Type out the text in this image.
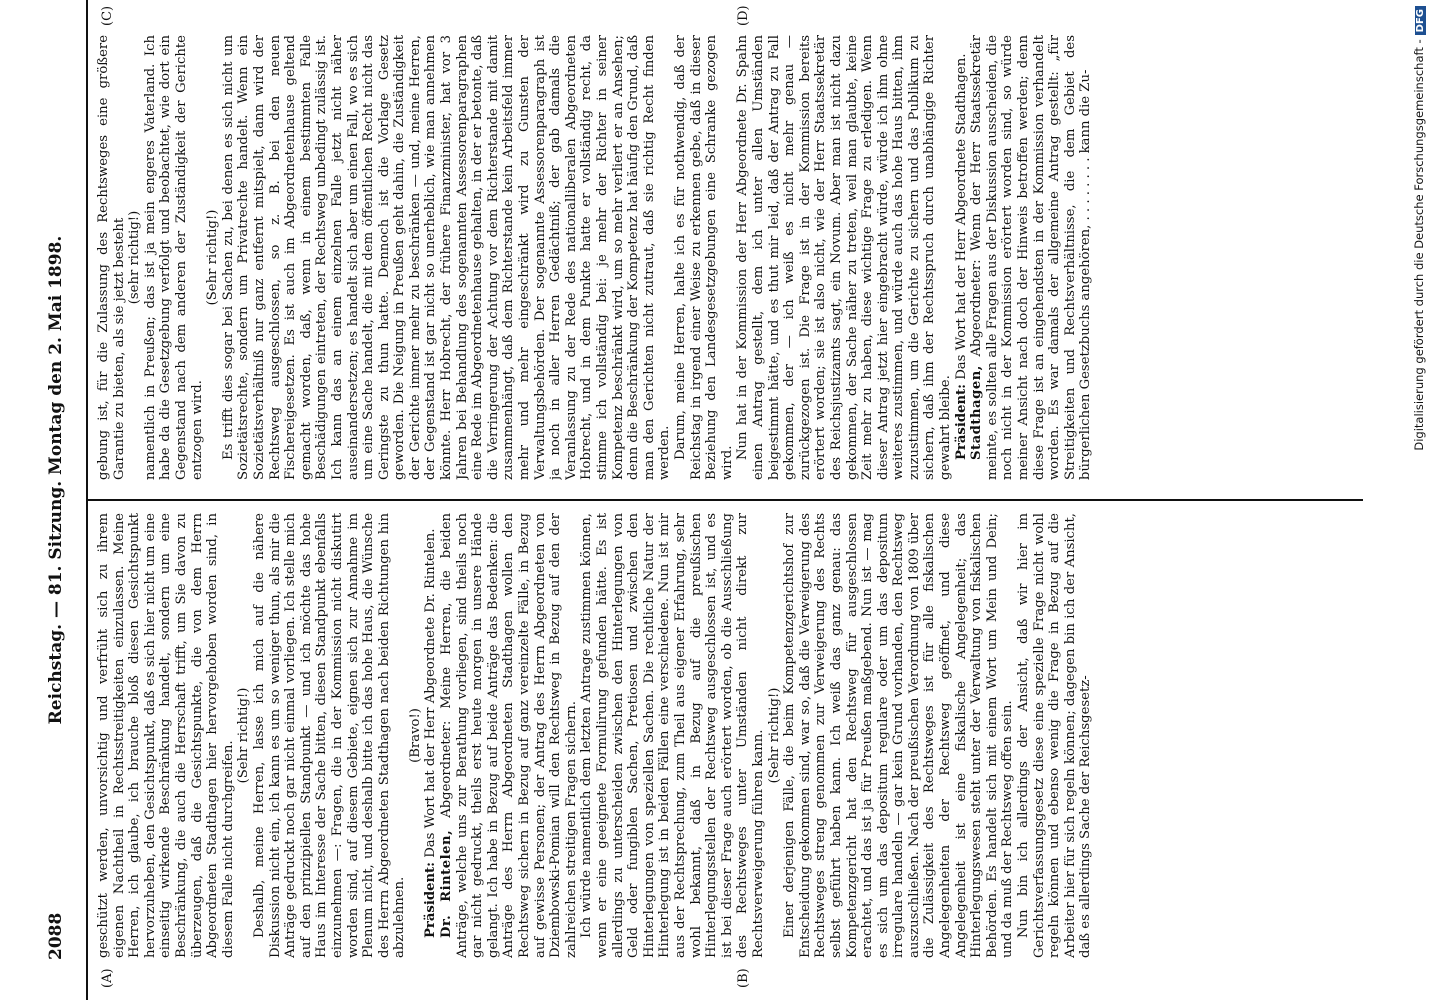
2088
Reichstag. — 81. Sitzung. Montag den 2. Mai 1898.
(A)	(B)
(C)	(D)

geschützt werden, unvorsichtig und verfrüht sich zu ihrem eigenen Nachtheil in Rechtsstreitigkeiten einzulassen. Meine Herren, ich glaube, ich brauche bloß diesen Gesichtspunkt hervorzuheben, den Gesichtspunkt, daß es sich hier nicht um eine einseitig wirkende Beschränkung handelt, sondern um eine Beschränkung, die auch die Herrschaft trifft, um Sie davon zu überzeugen, daß die Gesichtspunkte, die von dem Herrn Abgeordneten Stadthagen hier hervorgehoben worden sind, in diesem Falle nicht durchgreifen.

(Sehr richtig!) Deshalb, meine Herren, lasse ich mich auf die nähere Diskussion nicht ein, ich kann es um so weniger thun, als mir die Anträge gedruckt noch gar nicht einmal vorliegen. Ich stelle mich auf den prinzipiellen Standpunkt — und ich möchte das hohe Haus im Interesse der Sache bitten, diesen Standpunkt ebenfalls einzunehmen —: Fragen, die in der Kommission nicht diskutirt worden sind, auf diesem Gebiete, eignen sich zur Annahme im Plenum nicht, und deshalb bitte ich das hohe Haus, die Wünsche des Herrn Abgeordneten Stadthagen nach beiden Richtungen hin abzulehnen.

(Bravo!)

Präsident: Das Wort hat der Herr Abgeordnete Dr. Rintelen.

Dr. Rintelen, Abgeordneter: Meine Herren, die beiden Anträge, welche uns zur Berathung vorliegen, sind theils noch gar nicht gedruckt, theils erst heute morgen in unsere Hände gelangt. Ich habe in Bezug auf beide Anträge das Bedenken: die Anträge des Herrn Abgeordneten Stadthagen wollen den Rechtsweg sichern in Bezug auf ganz vereinzelte Fälle, in Bezug auf gewisse Personen; der Antrag des Herrn Abgeordneten von Dziembowski-Pomian will den Rechtsweg in Bezug auf den der zahlreichen streitigen Fragen sichern. Ich würde namentlich dem letzten Antrage zustimmen können, wenn er eine geeignete Formulirung gefunden hätte. Es ist allerdings zu unterscheiden zwischen den Hinterlegungen von Geld oder fungiblen Sachen, Pretiosen und zwischen den Hinterlegungen von speziellen Sachen. Die rechtliche Natur der Hinterlegung ist in beiden Fällen eine verschiedene. Nun ist mir aus der Rechtsprechung, zum Theil aus eigener Erfahrung, sehr wohl bekannt, daß in Bezug auf die preußischen Hinterlegungsstellen der Rechtsweg ausgeschlossen ist, und es ist bei dieser Frage auch erörtert worden, ob die Ausschließung des Rechtsweges unter Umständen nicht direkt zur Rechtsverweigerung führen kann. (Sehr richtig!) Einer derjenigen Fälle, die beim Kompetenzgerichtshof zur Entscheidung gekommen sind, war so, daß die Verweigerung des Rechtsweges streng genommen zur Verweigerung des Rechts selbst geführt haben kann. Ich weiß das ganz genau: das Kompetenzgericht hat den Rechtsweg für ausgeschlossen erachtet, und das ist ja für Preußen maßgebend. Nun ist — mag es sich um das depositum regulare oder um das depositum irregulare handeln — gar kein Grund vorhanden, den Rechtsweg auszuschließen. Nach der preußischen Verordnung von 1809 über die Zulässigkeit des Rechtsweges ist für alle fiskalischen Angelegenheiten der Rechtsweg geöffnet, und diese Angelegenheit ist eine fiskalische Angelegenheit; das Hinterlegungswesen steht unter der Verwaltung von fiskalischen Behörden. Es handelt sich mit einem Wort um Mein und Dein; und da muß der Rechtsweg offen sein. Nun bin ich allerdings der Ansicht, daß wir hier im Gerichtsverfassungsgesetz diese eine spezielle Frage nicht wohl regeln können und ebenso wenig die Frage in Bezug auf die Arbeiter hier für sich regeln können; dagegen bin ich der Ansicht, daß es allerdings Sache der Reichsgesetz-

gebung ist, für die Zulassung des Rechtsweges eine größere Garantie zu bieten, als sie jetzt besteht (sehr richtig!) namentlich in Preußen; das ist ja mein engeres Vaterland. Ich habe da die Gesetzgebung verfolgt und beobachtet, wie dort ein Gegenstand nach dem anderen der Zuständigkeit der Gerichte entzogen wird.

(Sehr richtig!) Es trifft dies sogar bei Sachen zu, bei denen es sich nicht um Sozietätsrechte, sondern um Privatrechte handelt. Wenn ein Sozietätsverhältniß nur ganz entfernt mitspielt, dann wird der Rechtsweg ausgeschlossen, so z. B. bei den neuen Fischereigesetzen. Es ist auch im Abgeordnetenhause geltend gemacht worden, daß, wenn in einem bestimmten Falle Beschädigungen eintreten, der Rechtsweg unbedingt zulässig ist. Ich kann das an einem einzelnen Falle jetzt nicht näher auseinandersetzen; es handelt sich aber um einen Fall, wo es sich um eine Sache handelt, die mit dem öffentlichen Recht nicht das Geringste zu thun hatte. Dennoch ist die Vorlage Gesetz geworden. Die Neigung in Preußen geht dahin, die Zuständigkeit der Gerichte immer mehr zu beschränken — und, meine Herren, der Gegenstand ist gar nicht so unerheblich, wie man annehmen könnte. Herr Hobrecht, der frühere Finanzminister, hat vor 3 Jahren bei Behandlung des sogenannten Assessorenparagraphen eine Rede im Abgeordnetenhause gehalten, in der er betonte, daß die Verringerung der Achtung vor dem Richterstande mit damit zusammenhängt, daß dem Richterstande kein Arbeitsfeld immer mehr und mehr eingeschränkt wird zu Gunsten der Verwaltungsbehörden. Der sogenannte Assessorenparagraph ist ja noch in aller Herren Gedächtniß; der gab damals die Veranlassung zu der Rede des nationalliberalen Abgeordneten Hobrecht, und in dem Punkte hatte er vollständig recht, da stimme ich vollständig bei: je mehr der Richter in seiner Kompetenz beschränkt wird, um so mehr verliert er an Ansehen; denn die Beschränkung der Kompetenz hat häufig den Grund, daß man den Gerichten nicht zutraut, daß sie richtig Recht finden werden. Darum, meine Herren, halte ich es für nothwendig, daß der Reichstag in irgend einer Weise zu erkennen gebe, daß in dieser Beziehung den Landesgesetzgebungen eine Schranke gezogen wird.

Nun hat in der Kommission der Herr Abgeordnete Dr. Spahn einen Antrag gestellt, dem ich unter allen Umständen beigestimmt hätte, und es thut mir leid, daß der Antrag zu Fall gekommen, der — ich weiß es nicht mehr genau — zurückgezogen ist. Die Frage ist in der Kommission bereits erörtert worden; sie ist also nicht, wie der Herr Staatssekretär des Reichsjustizamts sagt, ein Novum. Aber man ist nicht dazu gekommen, der Sache näher zu treten, weil man glaubte, keine Zeit mehr zu haben, diese wichtige Frage zu erledigen. Wenn dieser Antrag jetzt hier eingebracht würde, würde ich ihm ohne weiteres zustimmen, und würde auch das hohe Haus bitten, ihm zuzustimmen, um die Gerichte zu sichern und das Publikum zu sichern, daß ihm der Rechtsspruch durch unabhängige Richter gewahrt bleibe. Präsident: Das Wort hat der Herr Abgeordnete Stadthagen.

Stadthagen, Abgeordneter: Wenn der Herr Staatssekretär meinte, es sollten alle Fragen aus der Diskussion ausscheiden, die noch nicht in der Kommission erörtert worden sind, so würde meiner Ansicht nach doch der Hinweis betroffen werden; denn diese Frage ist an eingehendsten in der Kommission verhandelt worden. Es war damals der allgemeine Antrag gestellt: „für Streitigkeiten und Rechtsverhältnisse, die dem Gebiet des bürgerlichen Gesetzbuchs angehören, . . . . . . . . kann die Zu-	Digitalisierung gefördert durch die Deutsche Forschungsgemeinschaft -DFG
